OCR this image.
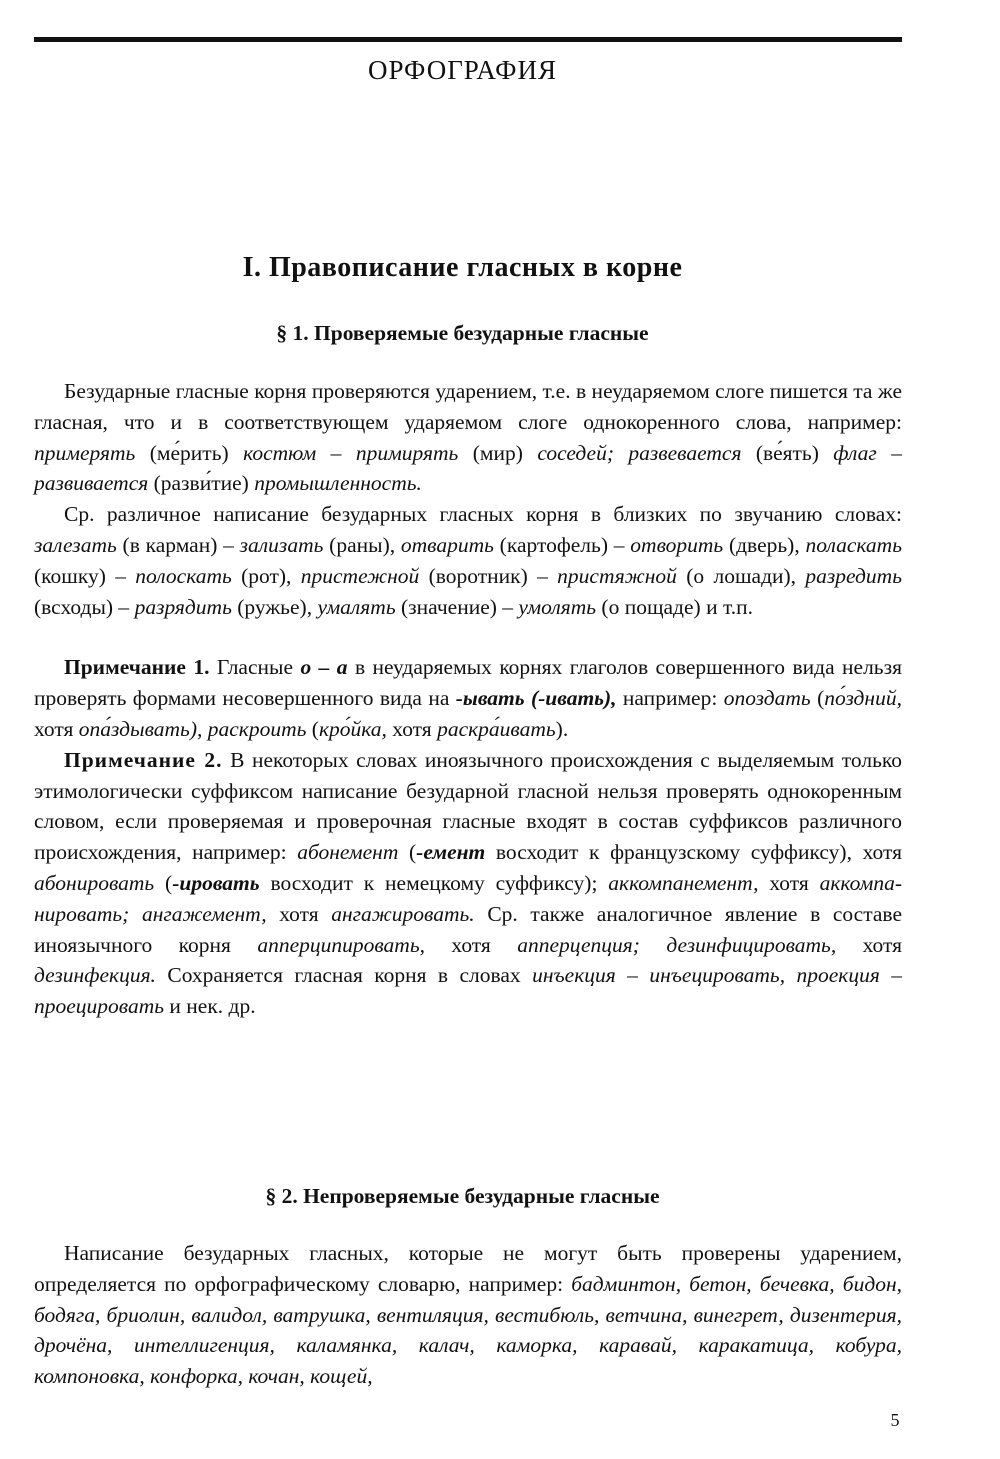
ОРФОГРАФИЯ
I. Правописание гласных в корне
§ 1. Проверяемые безударные гласные

Безударные гласные корня проверяются ударением, т.е. в неударяемом слоге пишется та же гласная, что и в соответствующем ударяемом слоге однокоренного слова, например: примерять (ме́рить) костюм – примирять (мир) соседей; развевается (ве́ять) флаг – развивается (разви́тие) промышленность.

Ср. различное написание безударных гласных корня в близких по звучанию словах: залезать (в карман) – зализать (раны), отварить (картофель) – отворить (дверь), поласкать (кошку) – полоскать (рот), пристежной (воротник) – пристяжной (о лошади), разредить (всходы) – разрядить (ружье), умалять (значение) – умолять (о пощаде) и т.п.

Примечание 1. Гласные о – а в неударяемых корнях глаголов совершенного вида нельзя проверять формами несовершенного вида на -ывать (-ивать), например: опоздать (по́здний, хотя опа́здывать), раскроить (кро́йка, хотя раскра́ивать).

Примечание 2. В некоторых словах иноязычного происхождения с выделяемым только этимологически суффиксом написание безударной гласной нельзя проверять однокоренным словом, если проверяемая и проверочная гласные входят в состав суффиксов различного происхождения, например: абонемент (-емент восходит к французскому суффиксу), хотя абонировать (-ировать восходит к немецкому суффиксу); аккомпанемент, хотя аккомпанировать; ангажемент, хотя ангажировать. Ср. также аналогичное явление в составе иноязычного корня апперципировать, хотя апперцепция; дезинфицировать, хотя дезинфекция. Сохраняется гласная корня в словах инъекция – инъецировать, проекция – проецировать и нек. др.

§ 2. Непроверяемые безударные гласные

Написание безударных гласных, которые не могут быть проверены ударением, определяется по орфографическому словарю, например: бадминтон, бетон, бечевка, бидон, бодяга, бриолин, валидол, ватрушка, вентиляция, вестибюль, ветчина, винегрет, дизентерия, дрочёна, интеллигенция, каламянка, калач, каморка, каравай, каракатица, кобура, компоновка, конфорка, кочан, кощей,

5
